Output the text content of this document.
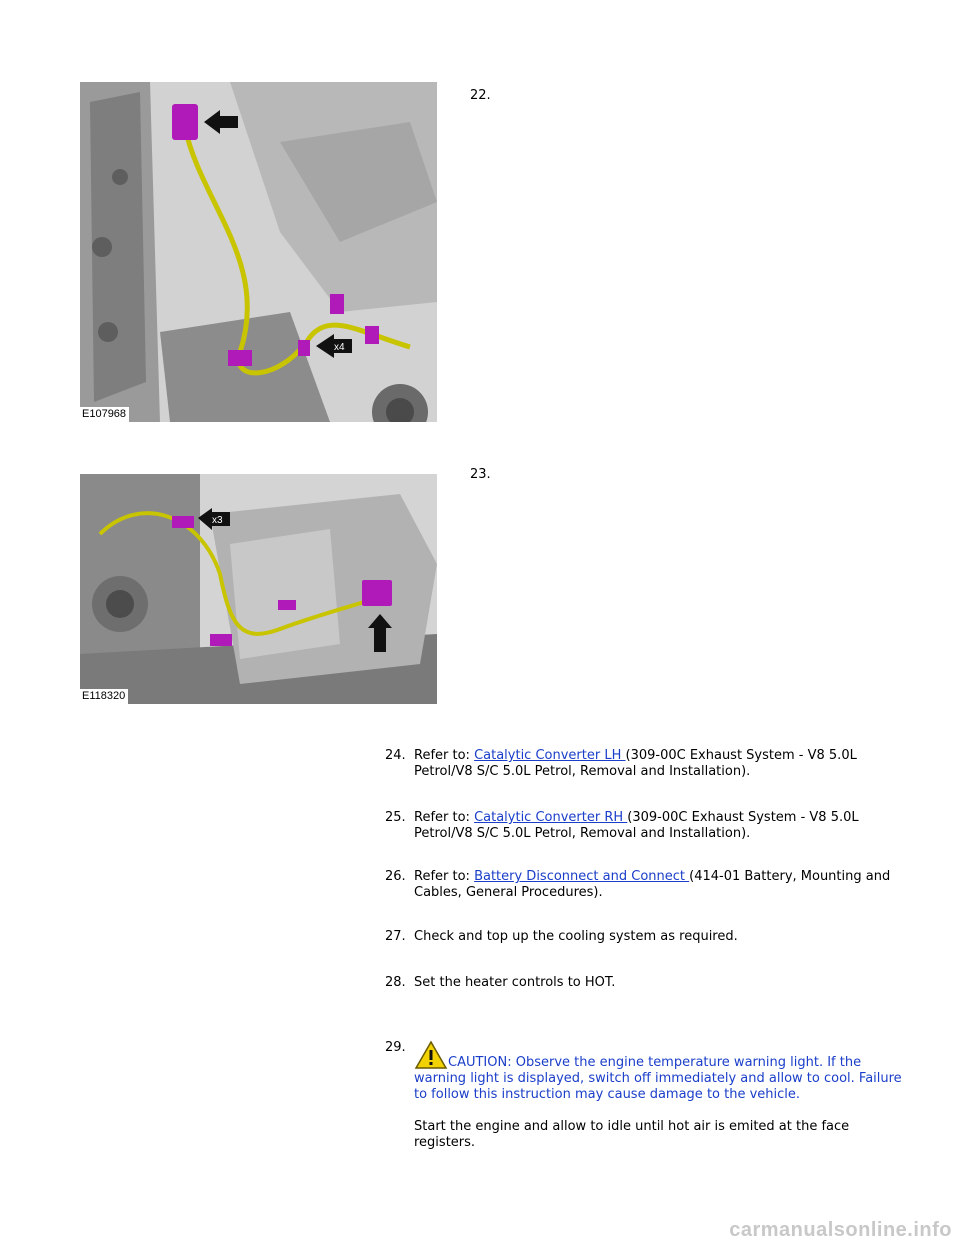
x4
E107968
22.
x3
E118320
23.
24. Refer to: Catalytic Converter LH (309-00C Exhaust System - V8 5.0L Petrol/V8 S/C 5.0L Petrol, Removal and Installation).
25. Refer to: Catalytic Converter RH (309-00C Exhaust System - V8 5.0L Petrol/V8 S/C 5.0L Petrol, Removal and Installation).
26. Refer to: Battery Disconnect and Connect (414-01 Battery, Mounting and Cables, General Procedures).
27. Check and top up the cooling system as required.
28. Set the heater controls to HOT.
29.
CAUTION: Observe the engine temperature warning light. If the warning light is displayed, switch off immediately and allow to cool. Failure to follow this instruction may cause damage to the vehicle.
Start the engine and allow to idle until hot air is emited at the face registers.
carmanualsonline.info
